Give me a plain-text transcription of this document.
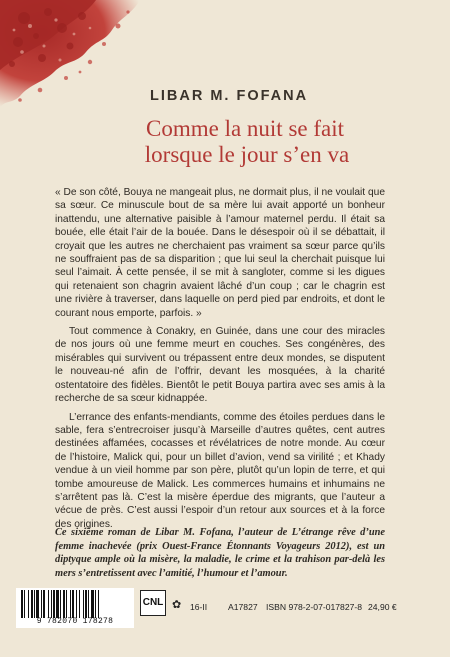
LIBAR M. FOFANA
Comme la nuit se fait
lorsque le jour s’en va

« De son côté, Bouya ne mangeait plus, ne dormait plus, il ne voulait que sa sœur. Ce minuscule bout de sa mère lui avait apporté un bonheur inattendu, une alternative paisible à l’amour maternel perdu. Il était sa bouée, elle était l’air de la bouée. Dans le désespoir où il se débattait, il croyait que les autres ne cherchaient pas vraiment sa sœur parce qu’ils ne souffraient pas de sa disparition ; que lui seul la cherchait puisque lui seul l’aimait. À cette pensée, il se mit à sangloter, comme si les digues qui retenaient son chagrin avaient lâché d’un coup ; car le chagrin est une rivière à traverser, dans laquelle on perd pied par endroits, et dont le courant nous emporte, parfois. »

Tout commence à Conakry, en Guinée, dans une cour des miracles de nos jours où une femme meurt en couches. Ses congénères, des misérables qui survivent ou trépassent entre deux mondes, se disputent le nouveau-né afin de l’offrir, devant les mosquées, à la charité ostentatoire des fidèles. Bientôt le petit Bouya partira avec ses amis à la recherche de sa sœur kidnappée.

L’errance des enfants-mendiants, comme des étoiles perdues dans le sable, fera s’entrecroiser jusqu’à Marseille d’autres quêtes, cent autres destinées affamées, cocasses et révélatrices de notre monde. Au cœur de l’histoire, Malick qui, pour un billet d’avion, vend sa virilité ; et Khady vendue à un vieil homme par son père, plutôt qu’un lopin de terre, et qui tombe amoureuse de Malick. Les commerces humains et inhumains ne s’arrêtent pas là. C’est la misère éperdue des migrants, que l’auteur a vécue de près. C’est aussi l’espoir d’un retour aux sources et à la force des origines.

Ce sixième roman de Libar M. Fofana, l’auteur de L’étrange rêve d’une femme inachevée (prix Ouest-France Étonnants Voyageurs 2012), est un diptyque ample où la misère, la maladie, le crime et la trahison par-delà les mers s’entretissent avec l’amitié, l’humour et l’amour.
9 782070 178278
CNL ✿ 16-II A17827 ISBN 978-2-07-017827-8 24,90 €
